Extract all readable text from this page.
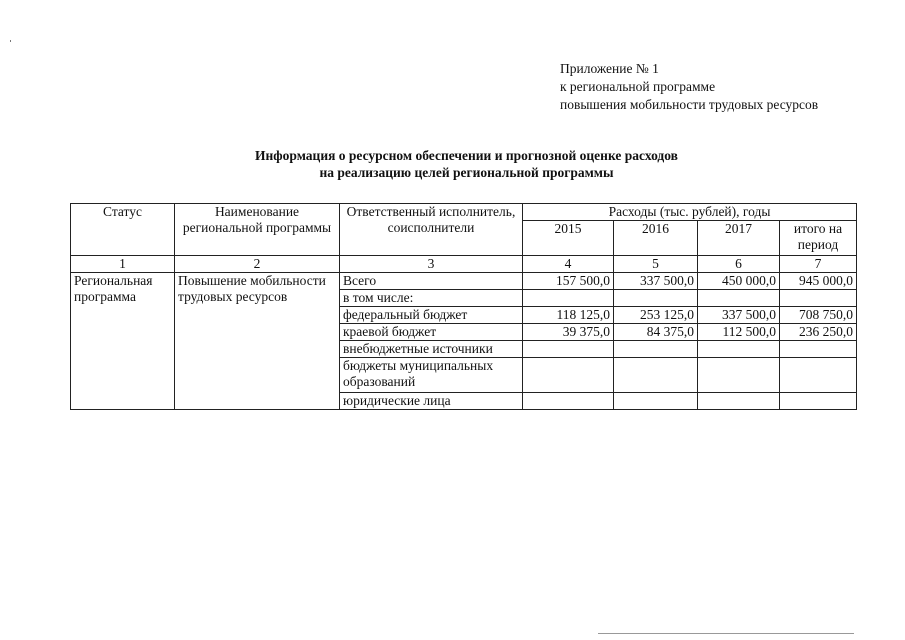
Приложение № 1
к региональной программе
повышения мобильности трудовых ресурсов
Информация о ресурсном обеспечении и прогнозной оценке расходов
на реализацию целей региональной программы
Статус	Наименование региональной программы	Ответственный исполнитель, соисполнители	Расходы (тыс. рублей), годы			
			2015	2016	2017	итого на период
1	2	3	4	5	6	7
Региональная программа	Повышение мобильности трудовых ресурсов	Всего	157 500,0	337 500,0	450 000,0	945 000,0
		в том числе:				
		федеральный бюджет	118 125,0	253 125,0	337 500,0	708 750,0
		краевой бюджет	39 375,0	84 375,0	112 500,0	236 250,0
		внебюджетные источники				
		бюджеты муниципальных образований				
		юридические лица				
